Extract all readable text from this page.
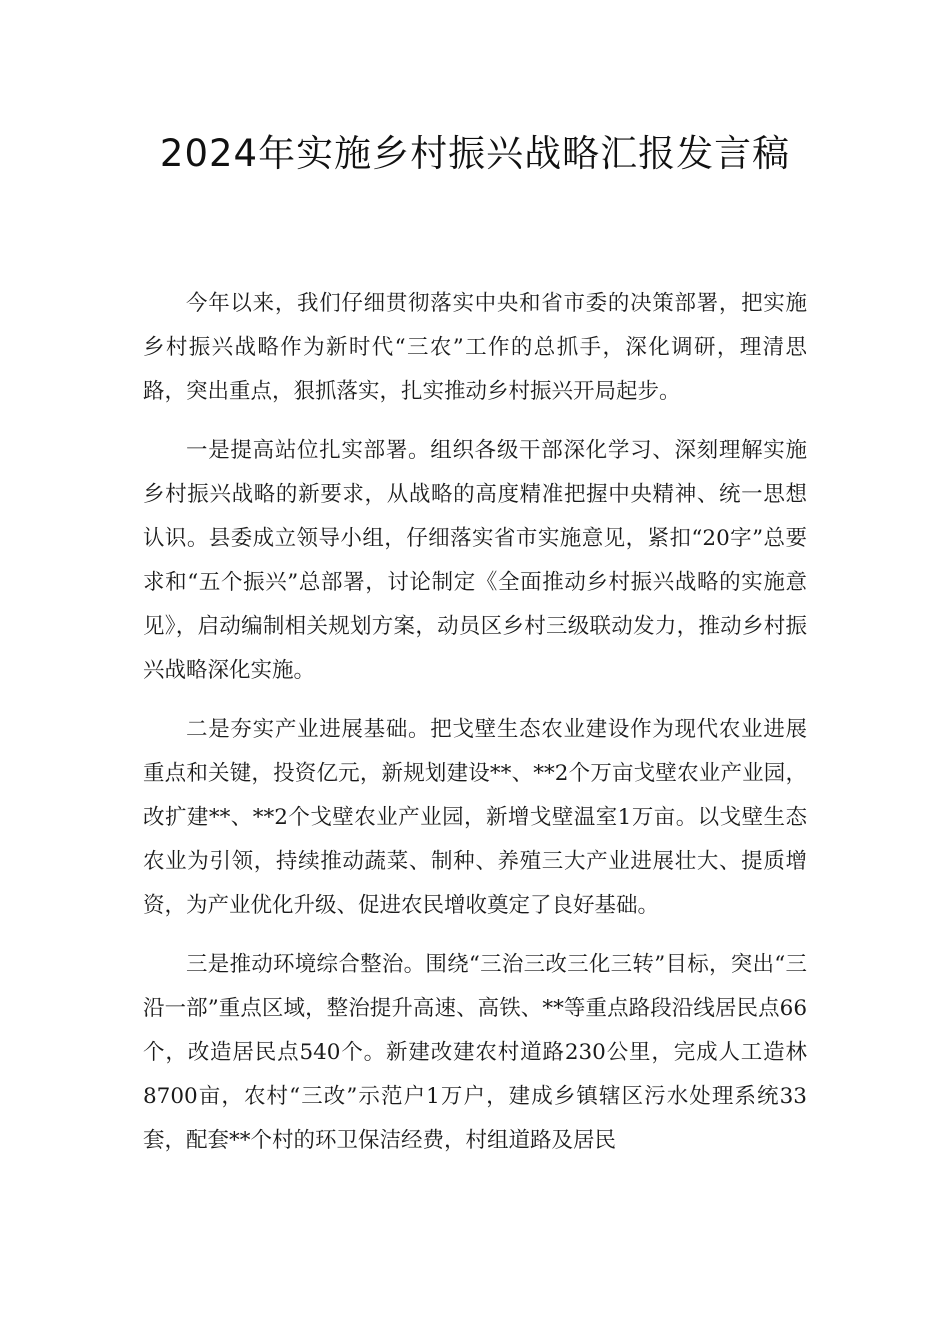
2024年实施乡村振兴战略汇报发言稿

今年以来，我们仔细贯彻落实中央和省市委的决策部署，把实施乡村振兴战略作为新时代“三农”工作的总抓手，深化调研，理清思路，突出重点，狠抓落实，扎实推动乡村振兴开局起步。

一是提高站位扎实部署。组织各级干部深化学习、深刻理解实施乡村振兴战略的新要求，从战略的高度精准把握中央精神、统一思想认识。县委成立领导小组，仔细落实省市实施意见，紧扣“20字”总要求和“五个振兴”总部署，讨论制定《全面推动乡村振兴战略的实施意见》，启动编制相关规划方案，动员区乡村三级联动发力，推动乡村振兴战略深化实施。

二是夯实产业进展基础。把戈壁生态农业建设作为现代农业进展重点和关键，投资亿元，新规划建设**、**2个万亩戈壁农业产业园，改扩建**、**2个戈壁农业产业园，新增戈壁温室1万亩。以戈壁生态农业为引领，持续推动蔬菜、制种、养殖三大产业进展壮大、提质增资，为产业优化升级、促进农民增收奠定了良好基础。

三是推动环境综合整治。围绕“三治三改三化三转”目标，突出“三沿一部”重点区域，整治提升高速、高铁、**等重点路段沿线居民点66个，改造居民点540个。新建改建农村道路230公里，完成人工造林8700亩，农村“三改”示范户1万户，建成乡镇辖区污水处理系统33套，配套**个村的环卫保洁经费，村组道路及居民
